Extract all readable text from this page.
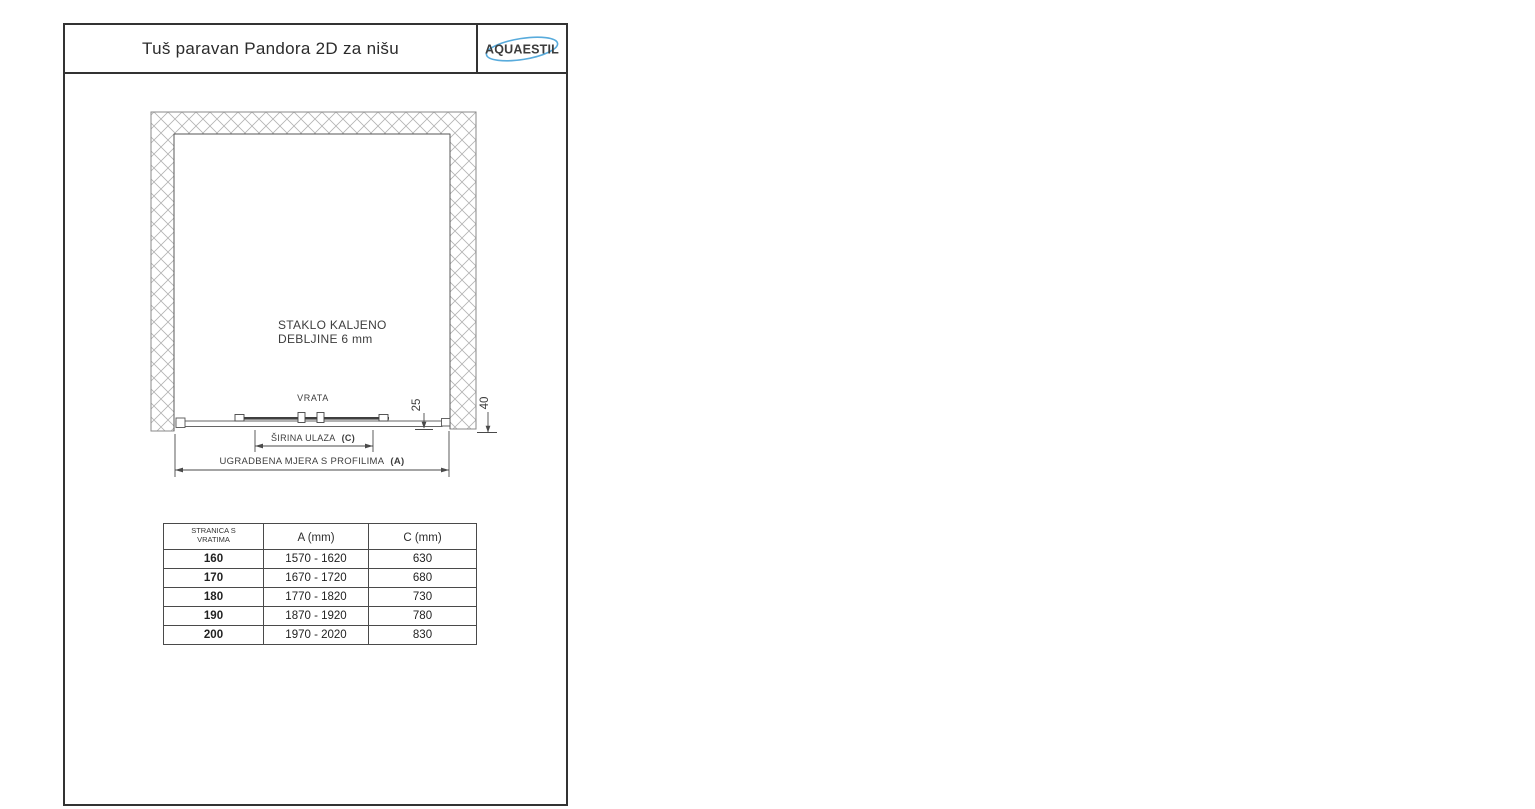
Tuš paravan Pandora 2D za nišu	AQUAESTIL
STAKLO KALJENO
DEBLJINE 6 mm
VRATA
25	40
ŠIRINA ULAZA (C)
UGRADBENA MJERA S PROFILIMA (A)
STRANICA S VRATIMA	A (mm)	C (mm)
160	1570 - 1620	630
170	1670 - 1720	680
180	1770 - 1820	730
190	1870 - 1920	780
200	1970 - 2020	830
